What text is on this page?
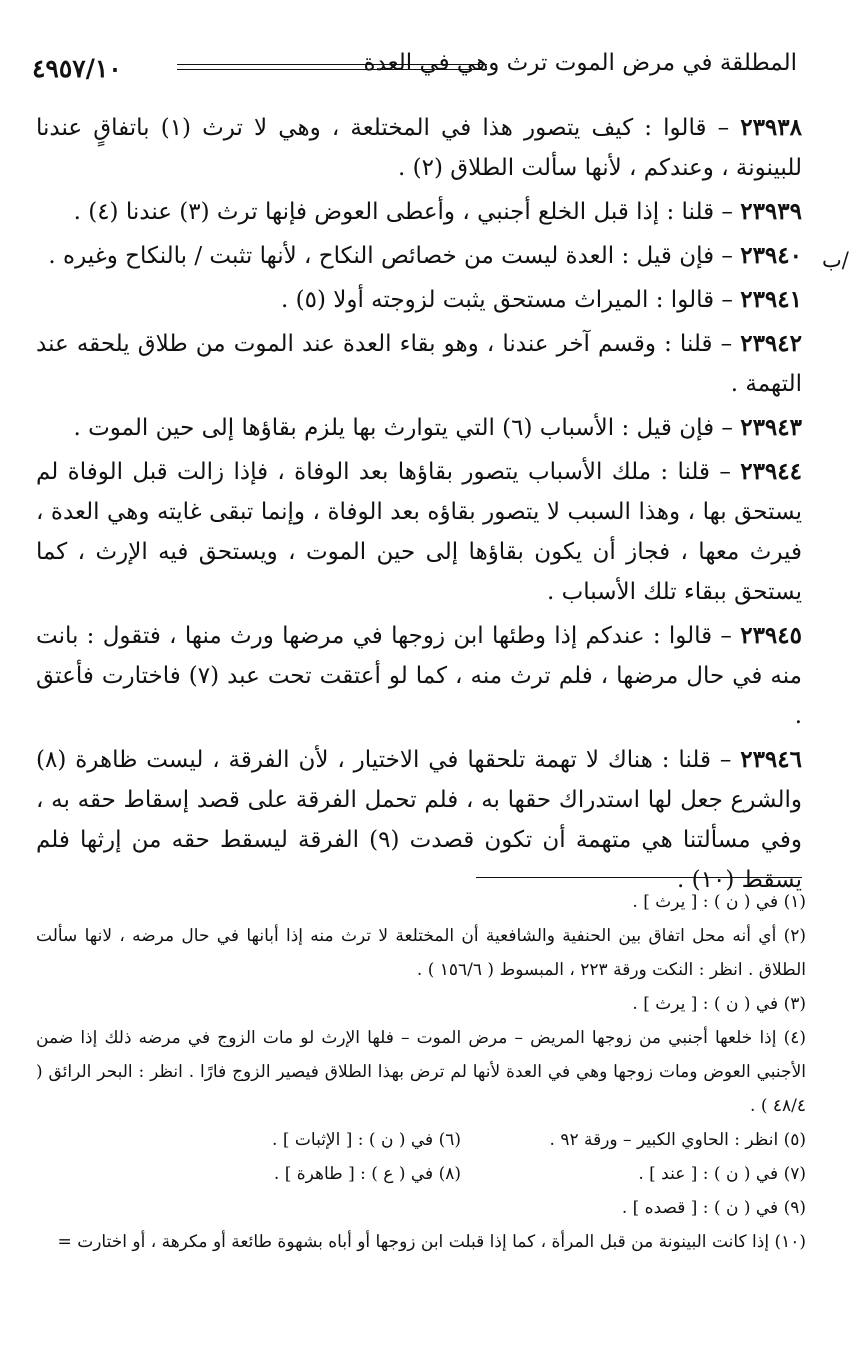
٤٩٥٧/١٠	المطلقة في مرض الموت ترث وهي في العدة
/ب

٢٣٩٣٨ – قالوا : كيف يتصور هذا في المختلعة ، وهي لا ترث (١) باتفاقٍ عندنا للبينونة ، وعندكم ، لأنها سألت الطلاق (٢) .

٢٣٩٣٩ – قلنا : إذا قبل الخلع أجنبي ، وأعطى العوض فإنها ترث (٣) عندنا (٤) .

٢٣٩٤٠ – فإن قيل : العدة ليست من خصائص النكاح ، لأنها تثبت / بالنكاح وغيره .

٢٣٩٤١ – قالوا : الميراث مستحق يثبت لزوجته أولا (٥) .

٢٣٩٤٢ – قلنا : وقسم آخر عندنا ، وهو بقاء العدة عند الموت من طلاق يلحقه عند التهمة .

٢٣٩٤٣ – فإن قيل : الأسباب (٦) التي يتوارث بها يلزم بقاؤها إلى حين الموت .

٢٣٩٤٤ – قلنا : ملك الأسباب يتصور بقاؤها بعد الوفاة ، فإذا زالت قبل الوفاة لم يستحق بها ، وهذا السبب لا يتصور بقاؤه بعد الوفاة ، وإنما تبقى غايته وهي العدة ، فيرث معها ، فجاز أن يكون بقاؤها إلى حين الموت ، ويستحق فيه الإرث ، كما يستحق ببقاء تلك الأسباب .

٢٣٩٤٥ – قالوا : عندكم إذا وطئها ابن زوجها في مرضها ورث منها ، فتقول : بانت منه في حال مرضها ، فلم ترث منه ، كما لو أعتقت تحت عبد (٧) فاختارت فأعتق .

٢٣٩٤٦ – قلنا : هناك لا تهمة تلحقها في الاختيار ، لأن الفرقة ، ليست ظاهرة (٨) والشرع جعل لها استدراك حقها به ، فلم تحمل الفرقة على قصد إسقاط حقه به ، وفي مسألتنا هي متهمة أن تكون قصدت (٩) الفرقة ليسقط حقه من إرثها فلم يسقط (١٠) .

(١) في ( ن ) : [ يرث ] .

(٢) أي أنه محل اتفاق بين الحنفية والشافعية أن المختلعة لا ترث منه إذا أبانها في حال مرضه ، لانها سألت الطلاق . انظر : النكت ورقة ٢٢٣ ، المبسوط ( ١٥٦/٦ ) .

(٣) في ( ن ) : [ يرث ] .

(٤) إذا خلعها أجنبي من زوجها المريض – مرض الموت – فلها الإرث لو مات الزوج في مرضه ذلك إذا ضمن الأجنبي العوض ومات زوجها وهي في العدة لأنها لم ترض بهذا الطلاق فيصير الزوج فارًا . انظر : البحر الرائق ( ٤٨/٤ ) .

(٥) انظر : الحاوي الكبير – ورقة ٩٢ .

(٦) في ( ن ) : [ الإثبات ] .

(٧) في ( ن ) : [ عند ] .

(٨) في ( ع ) : [ طاهرة ] .

(٩) في ( ن ) : [ قصده ] .

(١٠) إذا كانت البينونة من قبل المرأة ، كما إذا قبلت ابن زوجها أو أباه بشهوة طائعة أو مكرهة ، أو اختارت =
